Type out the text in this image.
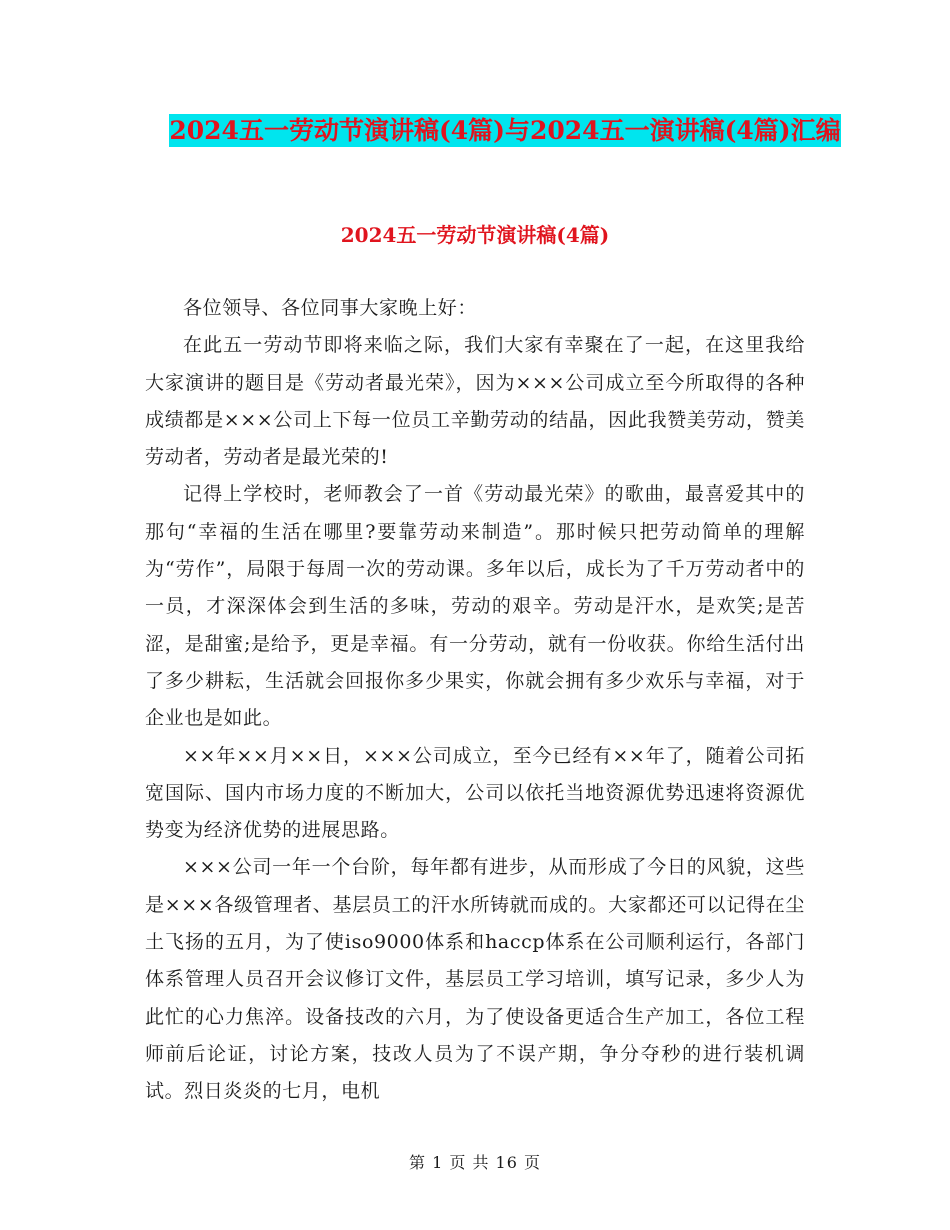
2024五一劳动节演讲稿(4篇)与2024五一演讲稿(4篇)汇编
2024五一劳动节演讲稿(4篇)

各位领导、各位同事大家晚上好：

在此五一劳动节即将来临之际，我们大家有幸聚在了一起，在这里我给大家演讲的题目是《劳动者最光荣》，因为×××公司成立至今所取得的各种成绩都是×××公司上下每一位员工辛勤劳动的结晶，因此我赞美劳动，赞美劳动者，劳动者是最光荣的!

记得上学校时，老师教会了一首《劳动最光荣》的歌曲，最喜爱其中的那句“幸福的生活在哪里?要靠劳动来制造”。那时候只把劳动简单的理解为“劳作”，局限于每周一次的劳动课。多年以后，成长为了千万劳动者中的一员，才深深体会到生活的多味，劳动的艰辛。劳动是汗水，是欢笑;是苦涩，是甜蜜;是给予，更是幸福。有一分劳动，就有一份收获。你给生活付出了多少耕耘，生活就会回报你多少果实，你就会拥有多少欢乐与幸福，对于企业也是如此。

××年××月××日，×××公司成立，至今已经有××年了，随着公司拓宽国际、国内市场力度的不断加大，公司以依托当地资源优势迅速将资源优势变为经济优势的进展思路。

×××公司一年一个台阶，每年都有进步，从而形成了今日的风貌，这些是×××各级管理者、基层员工的汗水所铸就而成的。大家都还可以记得在尘土飞扬的五月，为了使iso9000体系和haccp体系在公司顺利运行，各部门体系管理人员召开会议修订文件，基层员工学习培训，填写记录，多少人为此忙的心力焦淬。设备技改的六月，为了使设备更适合生产加工，各位工程师前后论证，讨论方案，技改人员为了不误产期，争分夺秒的进行装机调试。烈日炎炎的七月，电机

第 1 页 共 16 页
